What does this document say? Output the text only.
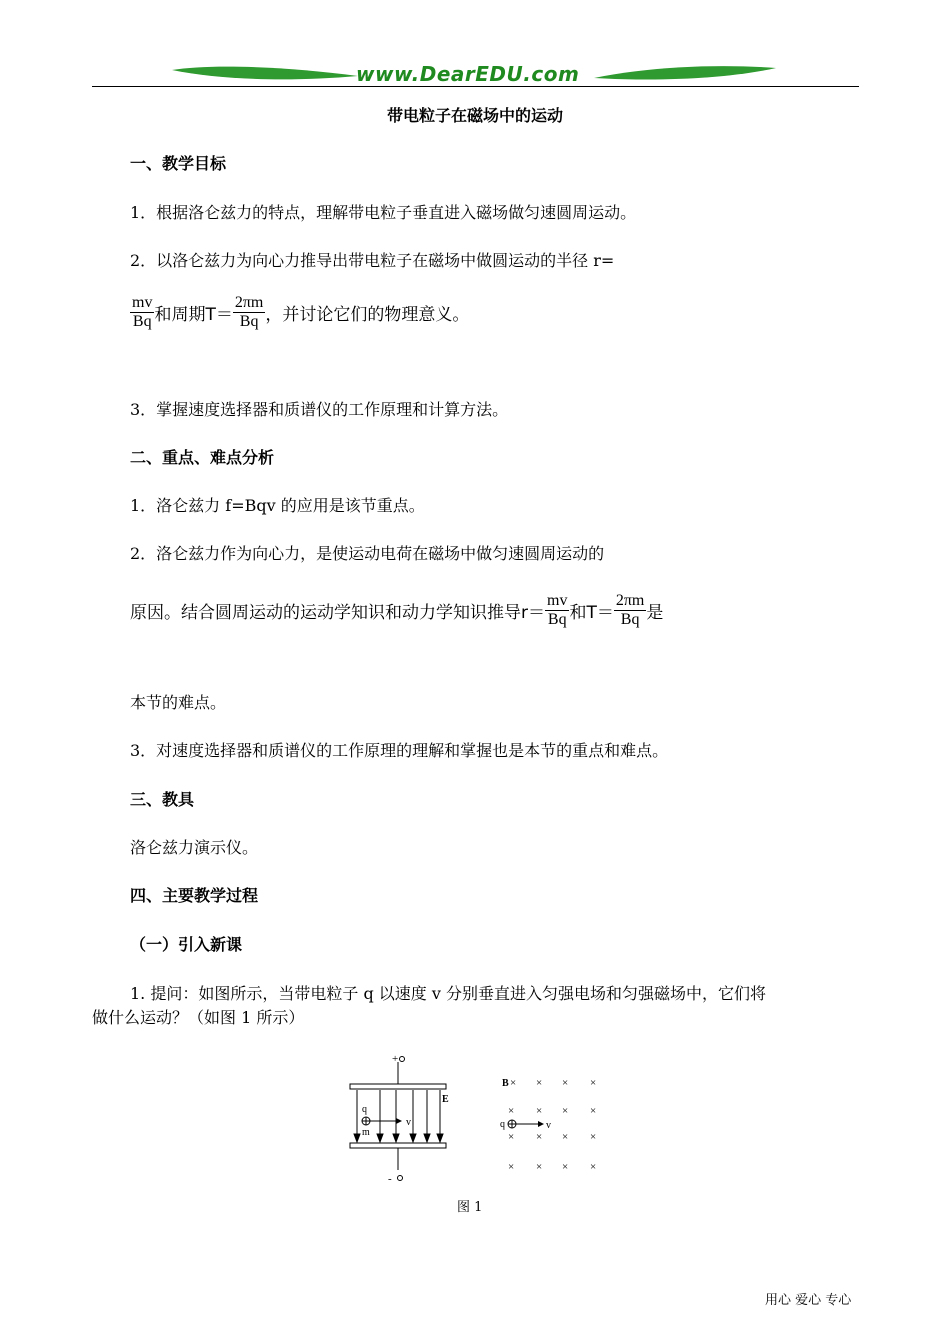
www.DearEDU.com
带电粒子在磁场中的运动
一、教学目标
1．根据洛仑兹力的特点，理解带电粒子垂直进入磁场做匀速圆周运动。
2．以洛仑兹力为向心力推导出带电粒子在磁场中做圆运动的半径 r=
$\frac{mv}{Bq}$ 和周期$T= \frac{2\pi m}{Bq}$ ，并讨论它们的物理意义。
3．掌握速度选择器和质谱仪的工作原理和计算方法。
二、重点、难点分析
1．洛仑兹力 f=Bqv 的应用是该节重点。
2．洛仑兹力作为向心力，是使运动电荷在磁场中做匀速圆周运动的
原因。结合圆周运动的运动学知识和动力学知识推导$r= \frac{mv}{Bq}$ 和$T= \frac{2\pi m}{Bq}$ 是
本节的难点。
3．对速度选择器和质谱仪的工作原理的理解和掌握也是本节的重点和难点。
三、教具
洛仑兹力演示仪。
四、主要教学过程
（一）引入新课
1. 提问：如图所示，当带电粒子 q 以速度 v 分别垂直进入匀强电场和匀强磁场中，它们将
做什么运动？（如图 1 所示）
+
-
E
q
m
v
B × × × ×
× × × ×
× × × ×
× × × ×
q	v
图 1
用心 爱心 专心
